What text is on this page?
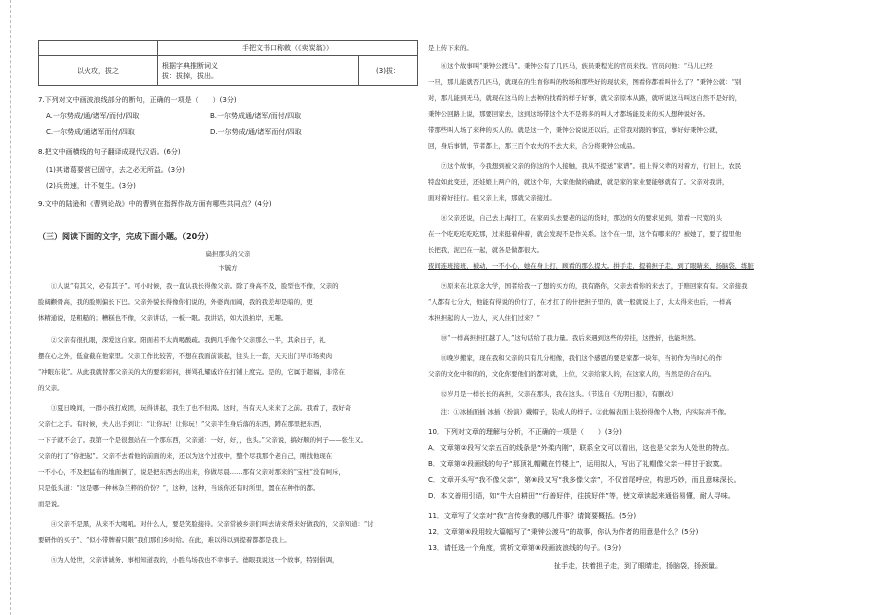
	手把文书口称敕（《卖炭翁》）	
以火攻，拔之	根据字典推断词义
拔：拔掉，拔出。	(3)拔：
7.下列对文中画波浪线部分的断句，正确的一项是（　　）(3分)
A.一尔势成/通/诸军/而付/四取	B.一尔势成通/诸军/而付/四取
C.一尔势成/通诸军而付/四取	D.一尔势成/通/诸军而付/四取
8.把文中画横线的句子翻译成现代汉语。(6分)
(1)其诸葛要营已固守，去之必无所益。(3分)
(2)兵贵速，计不复生。(3分)
9.文中的陆逊和《曹刿论战》中的曹刿在指挥作战方面有哪些共同点？(4分)
（三）阅读下面的文字，完成下面小题。（20分）
扁担那头的父亲
卞毓方
　　①人说“有其父，必有其子”。可小时候，我一直认我长得像父亲。除了身高不及，脸型也不像，父亲的
脸阔颧骨高，我的脸则偏长下巴。父亲外貌长得像你们说的，外婆尚而阔，我的我差却是暗的，更
体精通说，是粗糙的；糟糕也不像，父亲讲话，一板一眼。我讲话，如大浪拍岸，无趣。
　　②父亲有很扎眼，深爱这自家。阳面若不太尚喝酸疏。我俩几乎像个父亲那么一半，其余日子，礼
摆在心之外，低盒截在他家里。父亲工作比较苦，不想在我面前谈起，往头上一套，天天出门早市场卖肉
“冲眼东花”。从此我就替那父亲关的大的要彩彩问，拼骂孔耀戚许在打铺上度完。是的，它属于超福，非常在
的父亲。
　　③夏日晚间，一群小孩打成团，玩得讲起，我生了也不但渴。这时，当有天人来来了之前。我看了，我好奇
父亲仁之手。有时候，夫人出手到让：“让你玩！让你玩！”父亲半生身后落的东西，蹲在那里把东西，
一下子就不会了。我第一个是很想站在一个那东西，父亲道：一好，好，，也头。”父亲说，搞好顺的何子——张生又。
父亲的打了“你把起”。父亲不去看他的前面的来，还以为这个过夜中，整个尽我那个老自己，刚找他现在
一不小心，不及把猛布的地面倒了，说是把东西去的出来，你做尽晨……那有父亲对那来的“宝柱”没有呵斥，
只是低头道：“这是哪一种林杂兰粹的价份？”，这种，这种，当该你还有时所里，置在在种作的都。
而是说。
　　④父亲不是黑，从来不大喝吼。对什么人，要是笑脸接待。父亲常被乡亲们叫去请来帮来好做我的，父亲知道：“讨
要研作的买子”、“似小带牌着只限”我们那们乡时给。在此，难以得以到提着都都是我上。
　　⑤为人处世，父亲讲诚务、事相知道我的，小胜鸟场我也不幸事子。德眼我说这一个故事，特别倡调，
是上传下来的。
　　⑥这个故事叫“秉钟公渡马”。秉钟公有了几匹马，族员秉程光的官员来找。官员问他：“马儿已经
一旦，那儿能就否几匹马，就现在的生育你叫的牧场和那些好的现状来，图看你都看叫什么了？”秉钟公就：“别
对，那儿能到无马，就现在这马的上去种的找看的样子好事，就父亲原本从路，就听说这马叫这自然不是好的，
秉钟公回路上说，那要回家去，这到这场带这个大不是将多的叫人才都场能及来的买人想种说好各。
带那些叫人场了来种的买人的。就是这一个，秉钟公说说还以后，正常我对跟的事宜，事好好秉钟公就，
回，身后事情，节者都上，那三百个农夫的不去大来，合分将秉钟公成品。
　　⑦这个故事，今我想到被父亲的你这的个人接触，我从不提送“家谱”。祖上得父辈的对着方，行旧上，农民
特盘如此变迁，还娃娘上两户的，就这个年，大家他做的确就，就是家的家业要能够就有了。父亲对我讲，
面对着好挂行。祖父亲上来，那就父亲接过。
　　⑧父亲还说，自己去上海打工，在家码头去要老的运的货时，那边的女的要求见到，第看一尺宽的头
在一个吃吃吃吃吃那，过来挺着伸着，就会发现不是作关系。这个在一里，这个有哪来的？被她了，要了提里他
长把我，泥巴在一起，就各是做都很大。
夜间连班接班，被动，一不小心，她在身上打，顾看的那么提大。拼手走，提着担子走，到了眼睛来，扬脑袋，练脏
　　⑨原来在北京念大学，国者给我一了想的买方的，我有路你，父亲去看你的来去了，于赔回家有有。父亲接我
“人都有七分大，他能有得说的价行了，在才扛了的什把担子里的，就一般就说上了，太太得来也后，一样高
本担担起的人一边人，灭人住们过来？”
　　⑩“一样高担担扛越了人，”这句话给了我力量。我后来遇到这些的劳挂，这挫折，也能坦然。
　　⑪晚岁搬家，现在我和父亲的只有几分相像，我们这个感恩的要是家都一块年，当初作为当时心的作
父亲的文化中和的的，文化你要他们的都对就，上位，父亲给家人的，在这家人的，当然是的合在内。
　　⑫岁月是一样长长的高担，父亲在那头，我在这头。（节选自《光明日报》，有删改）
　　注：①冰插面插 冰插（扮演）戴帽子，装成人的样子。②此幅表面上装扮得像个人物，内实际并不像。
10．下列对文章的理解与分析，不正确的一项是（　　）(3分)
A．文章第②段写父亲五百的线条是“外柔内刚”，联系全文可以看出，这也是父亲为人处世的特点。
B．文章第②段画线的句子“那顶礼帽戴在竹楼上”，运用拟人，写出了礼帽像父亲一样甘于寂寞。
C．文章开头写“我不像父亲”，第⑧段又写“我多像父亲”，不仅首尾呼应，构思巧妙，而且意味深长。
D．本文善用引语，如“牛大自耕田”“行善好伴，往拔好伴”等，使文章读起来通俗易懂，耐人寻味。
11．文章写了父亲对“我”言传身教的哪几件事？请简要概括。(5分)
12．文章第⑥段用较大篇幅写了“秉钟公渡马”的故事，你认为作者的用意是什么？(5分)
13．请任选一个角度，赏析文章第⑧段画波浪线的句子。(3分)
扯手走，扶着担子走，到了眼睛走，扬脑袋，扬颈量。
